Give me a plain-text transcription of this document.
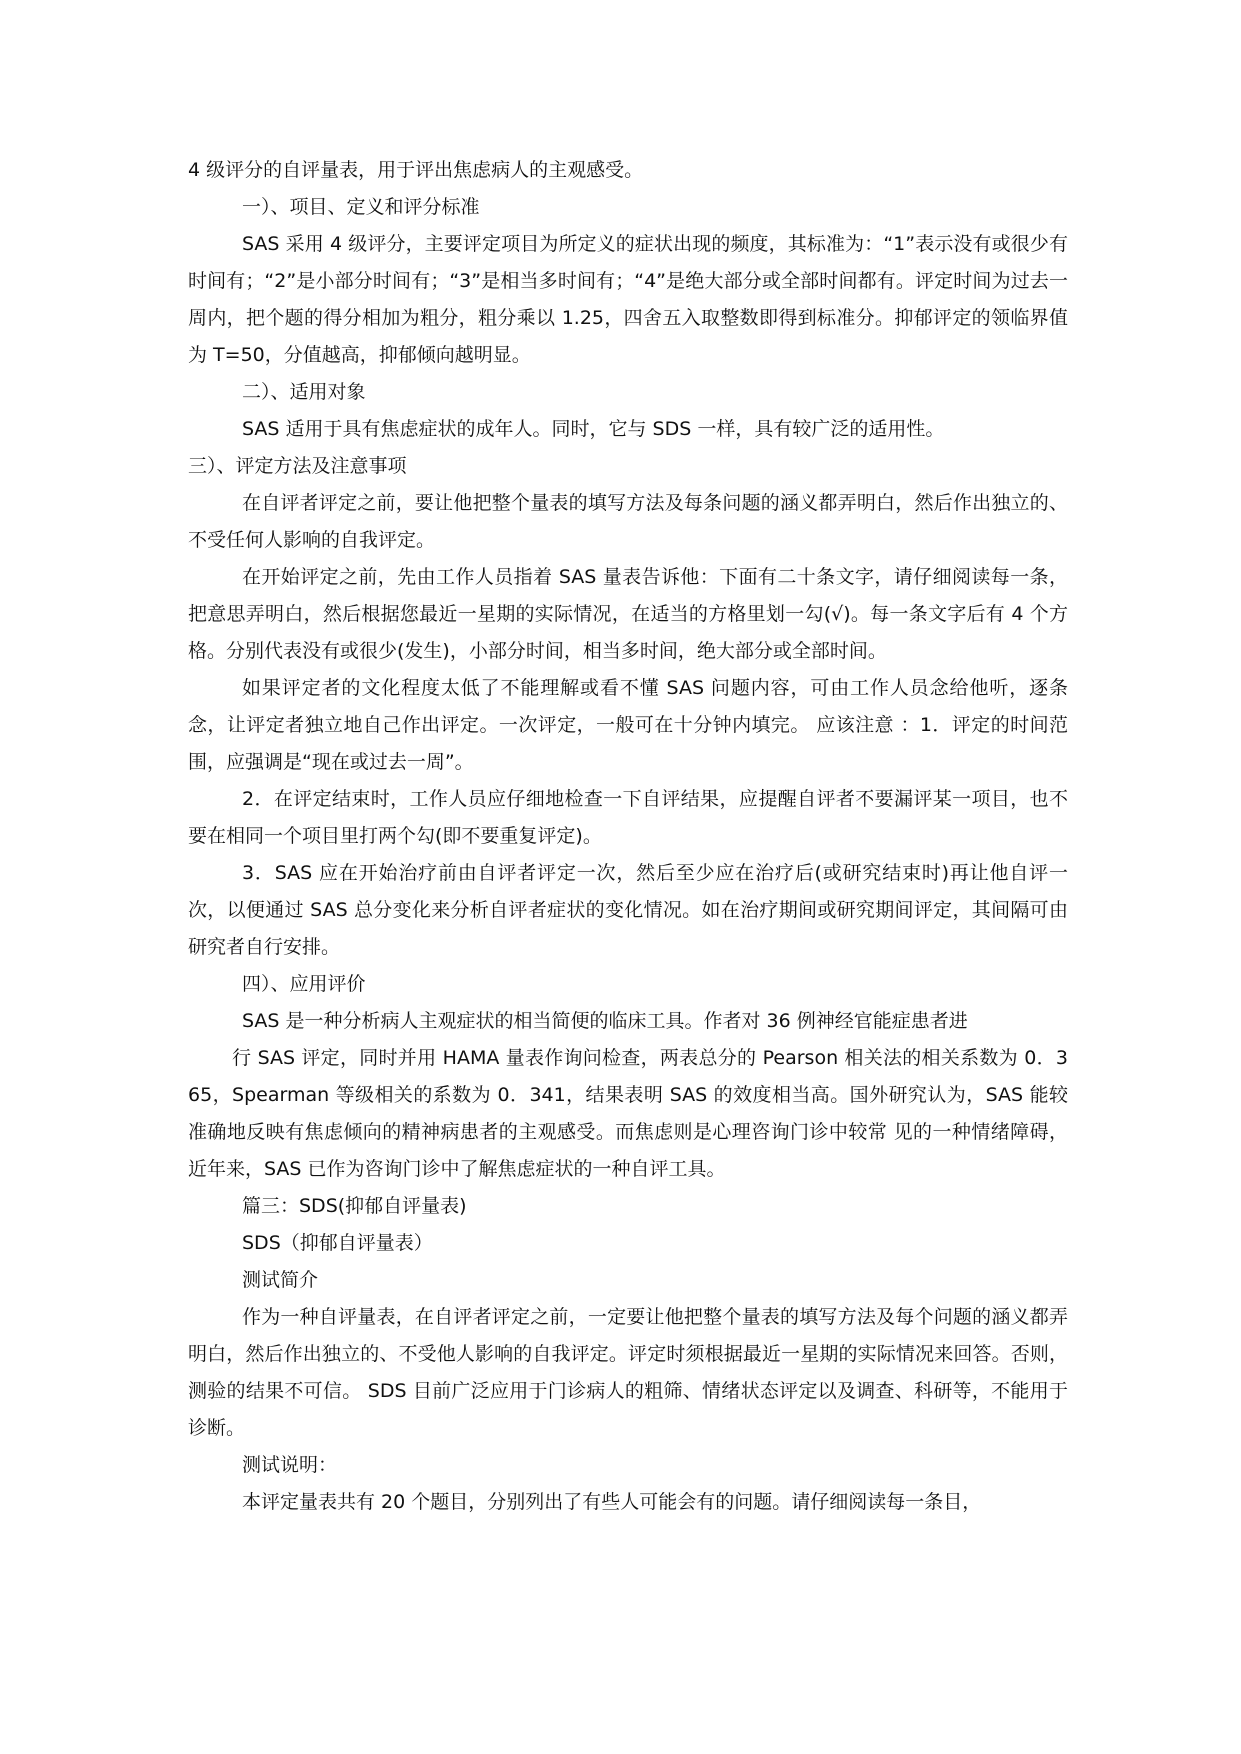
4 级评分的自评量表，用于评出焦虑病人的主观感受。

一）、项目、定义和评分标准

SAS 采用 4 级评分，主要评定项目为所定义的症状出现的频度，其标准为：“1”表示没有或很少有时间有；“2”是小部分时间有；“3”是相当多时间有；“4”是绝大部分或全部时间都有。评定时间为过去一周内，把个题的得分相加为粗分，粗分乘以 1.25，四舍五入取整数即得到标准分。抑郁评定的领临界值为 T=50，分值越高，抑郁倾向越明显。

二）、适用对象

SAS 适用于具有焦虑症状的成年人。同时，它与 SDS 一样，具有较广泛的适用性。

三）、评定方法及注意事项

在自评者评定之前，要让他把整个量表的填写方法及每条问题的涵义都弄明白，然后作出独立的、不受任何人影响的自我评定。

在开始评定之前，先由工作人员指着 SAS 量表告诉他：下面有二十条文字，请仔细阅读每一条，把意思弄明白，然后根据您最近一星期的实际情况，在适当的方格里划一勾(√)。每一条文字后有 4 个方格。分别代表没有或很少(发生)，小部分时间，相当多时间，绝大部分或全部时间。

如果评定者的文化程度太低了不能理解或看不懂 SAS 问题内容，可由工作人员念给他听，逐条念，让评定者独立地自己作出评定。一次评定，一般可在十分钟内填完。 应该注意 ：1．评定的时间范围，应强调是“现在或过去一周”。

2．在评定结束时，工作人员应仔细地检查一下自评结果，应提醒自评者不要漏评某一项目，也不要在相同一个项目里打两个勾(即不要重复评定)。

3．SAS 应在开始治疗前由自评者评定一次，然后至少应在治疗后(或研究结束时)再让他自评一次，以便通过 SAS 总分变化来分析自评者症状的变化情况。如在治疗期间或研究期间评定，其间隔可由研究者自行安排。

四）、应用评价

SAS 是一种分析病人主观症状的相当简便的临床工具。作者对 36 例神经官能症患者进

行 SAS 评定，同时并用 HAMA 量表作询问检查，两表总分的 Pearson 相关法的相关系数为 0．365，Spearman 等级相关的系数为 0．341，结果表明 SAS 的效度相当高。国外研究认为，SAS 能较准确地反映有焦虑倾向的精神病患者的主观感受。而焦虑则是心理咨询门诊中较常 见的一种情绪障碍，近年来，SAS 已作为咨询门诊中了解焦虑症状的一种自评工具。

篇三：SDS(抑郁自评量表)

SDS（抑郁自评量表）

测试简介

作为一种自评量表，在自评者评定之前，一定要让他把整个量表的填写方法及每个问题的涵义都弄明白，然后作出独立的、不受他人影响的自我评定。评定时须根据最近一星期的实际情况来回答。否则，测验的结果不可信。 SDS 目前广泛应用于门诊病人的粗筛、情绪状态评定以及调查、科研等，不能用于诊断。

测试说明：

本评定量表共有 20 个题目，分别列出了有些人可能会有的问题。请仔细阅读每一条目，
